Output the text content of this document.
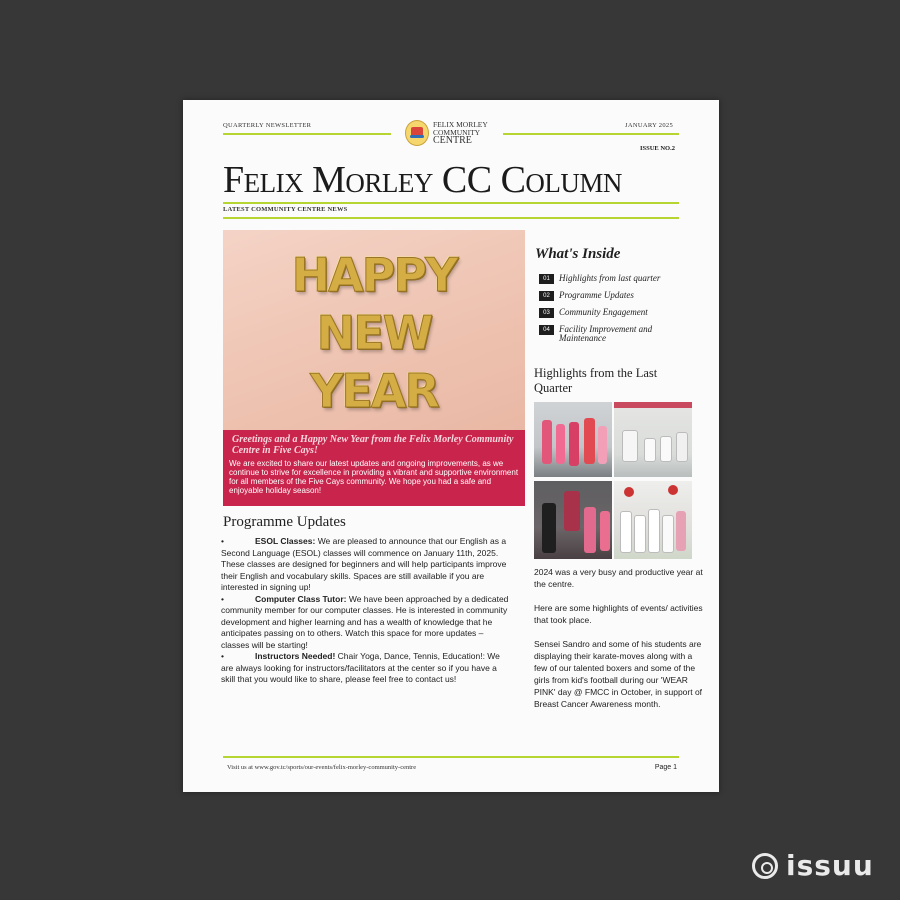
QUARTERLY NEWSLETTER	FELIX MORLEY
COMMUNITY
CENTRE
JANUARY 2025
ISSUE NO.2
Felix Morley CC Column
LATEST COMMUNITY CENTRE NEWS
HAPPY
NEW
YEAR
Greetings and a Happy New Year from the Felix Morley Community Centre in Five Cays!
We are excited to share our latest updates and ongoing improvements, as we continue to strive for excellence in providing a vibrant and supportive environment for all members of the Five Cays community. We hope you had a safe and enjoyable holiday season!
Programme Updates
•	ESOL Classes: We are pleased to announce that our English as a Second Language (ESOL) classes will commence on January 11th, 2025. These classes are designed for beginners and will help participants improve their English and vocabulary skills. Spaces are still available if you are interested in signing up!
•	Computer Class Tutor: We have been approached by a dedicated community member for our computer classes. He is interested in community development and higher learning and has a wealth of knowledge that he anticipates passing on to others. Watch this space for more updates – classes will be starting!
•	Instructors Needed! Chair Yoga, Dance, Tennis, Education!: We are always looking for instructors/facilitators at the center so if you have a skill that you would like to share, please feel free to contact us!
What's Inside
01	Highlights from last quarter
02	Programme Updates
03	Community Engagement
04	Facility Improvement and Maintenance
Highlights from the Last Quarter
2024 was a very busy and productive year at the centre.
Here are some highlights of events/ activities that took place.
Sensei Sandro and some of his students are displaying their karate-moves along with a few of our talented boxers and some of the girls from kid's football during our 'WEAR PINK' day @ FMCC in October, in support of Breast Cancer Awareness month.
Visit us at www.gov.tc/sports/our-events/felix-morley-community-centre	Page 1
issuu
